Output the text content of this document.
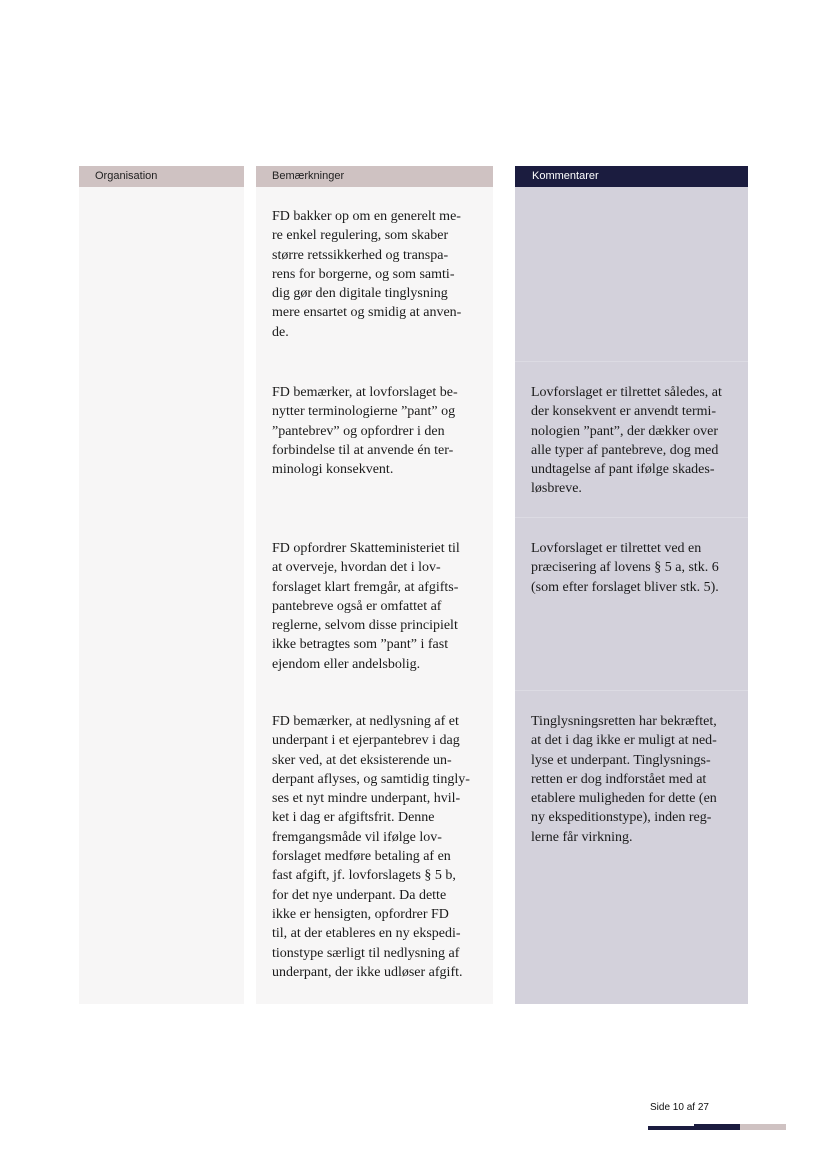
Organisation	Bemærkninger	Kommentarer
FD bakker op om en generelt me-
re enkel regulering, som skaber
større retssikkerhed og transpa-
rens for borgerne, og som samti-
dig gør den digitale tinglysning
mere ensartet og smidig at anven-
de.
FD bemærker, at lovforslaget be-
nytter terminologierne ”pant” og
”pantebrev” og opfordrer i den
forbindelse til at anvende én ter-
minologi konsekvent.
Lovforslaget er tilrettet således, at
der konsekvent er anvendt termi-
nologien ”pant”, der dækker over
alle typer af pantebreve, dog med
undtagelse af pant ifølge skades-
løsbreve.
FD opfordrer Skatteministeriet til
at overveje, hvordan det i lov-
forslaget klart fremgår, at afgifts-
pantebreve også er omfattet af
reglerne, selvom disse principielt
ikke betragtes som ”pant” i fast
ejendom eller andelsbolig.
Lovforslaget er tilrettet ved en
præcisering af lovens § 5 a, stk. 6
(som efter forslaget bliver stk. 5).
FD bemærker, at nedlysning af et
underpant i et ejerpantebrev i dag
sker ved, at det eksisterende un-
derpant aflyses, og samtidig tingly-
ses et nyt mindre underpant, hvil-
ket i dag er afgiftsfrit. Denne
fremgangsmåde vil ifølge lov-
forslaget medføre betaling af en
fast afgift, jf. lovforslagets § 5 b,
for det nye underpant. Da dette
ikke er hensigten, opfordrer FD
til, at der etableres en ny ekspedi-
tionstype særligt til nedlysning af
underpant, der ikke udløser afgift.
Tinglysningsretten har bekræftet,
at det i dag ikke er muligt at ned-
lyse et underpant. Tinglysnings-
retten er dog indforstået med at
etablere muligheden for dette (en
ny ekspeditionstype), inden reg-
lerne får virkning.
Side 10 af 27
